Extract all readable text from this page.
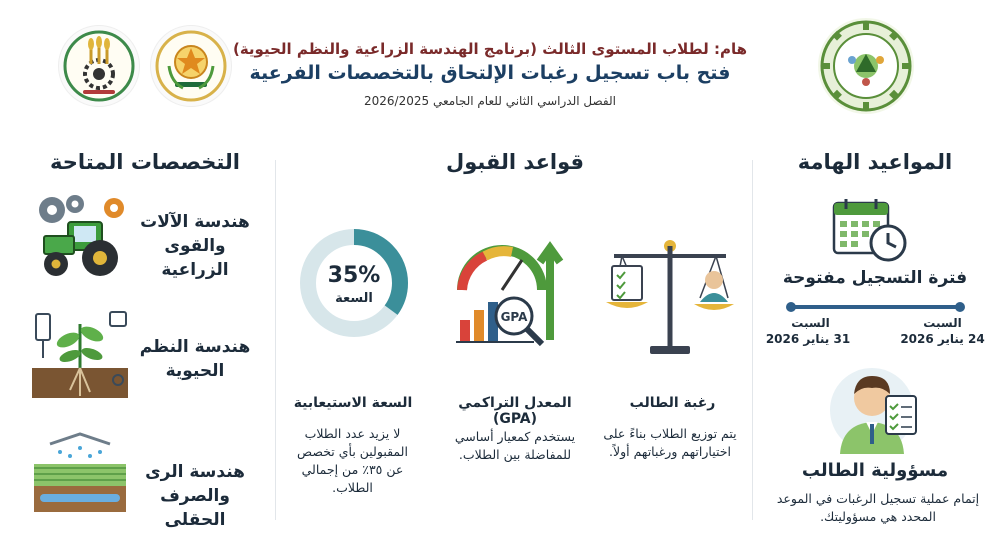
هام: لطلاب المستوى الثالث (برنامج الهندسة الزراعية والنظم الحيوية)
فتح باب تسجيل رغبات الإلتحاق بالتخصصات الفرعية
الفصل الدراسي الثاني للعام الجامعي 2026/2025
التخصصات المتاحة	قواعد القبول	المواعيد الهامة
هندسة الآلات والقوى الزراعية
هندسة النظم الحيوية
هندسة الرى والصرف الحقلى
35%
السعة
GPA
السعة الاستيعابية
لا يزيد عدد الطلاب المقبولين بأي تخصص عن ٣٥٪ من إجمالي الطلاب.
المعدل التراكمي (GPA)
يستخدم كمعيار أساسي للمفاضلة بين الطلاب.
رغبة الطالب
يتم توزيع الطلاب بناءً على اختياراتهم ورغباتهم أولاً.
فترة التسجيل مفتوحة
السبت
24 يناير 2026
السبت
31 يناير 2026
مسؤولية الطالب
إتمام عملية تسجيل الرغبات في الموعد المحدد هي مسؤوليتك.
